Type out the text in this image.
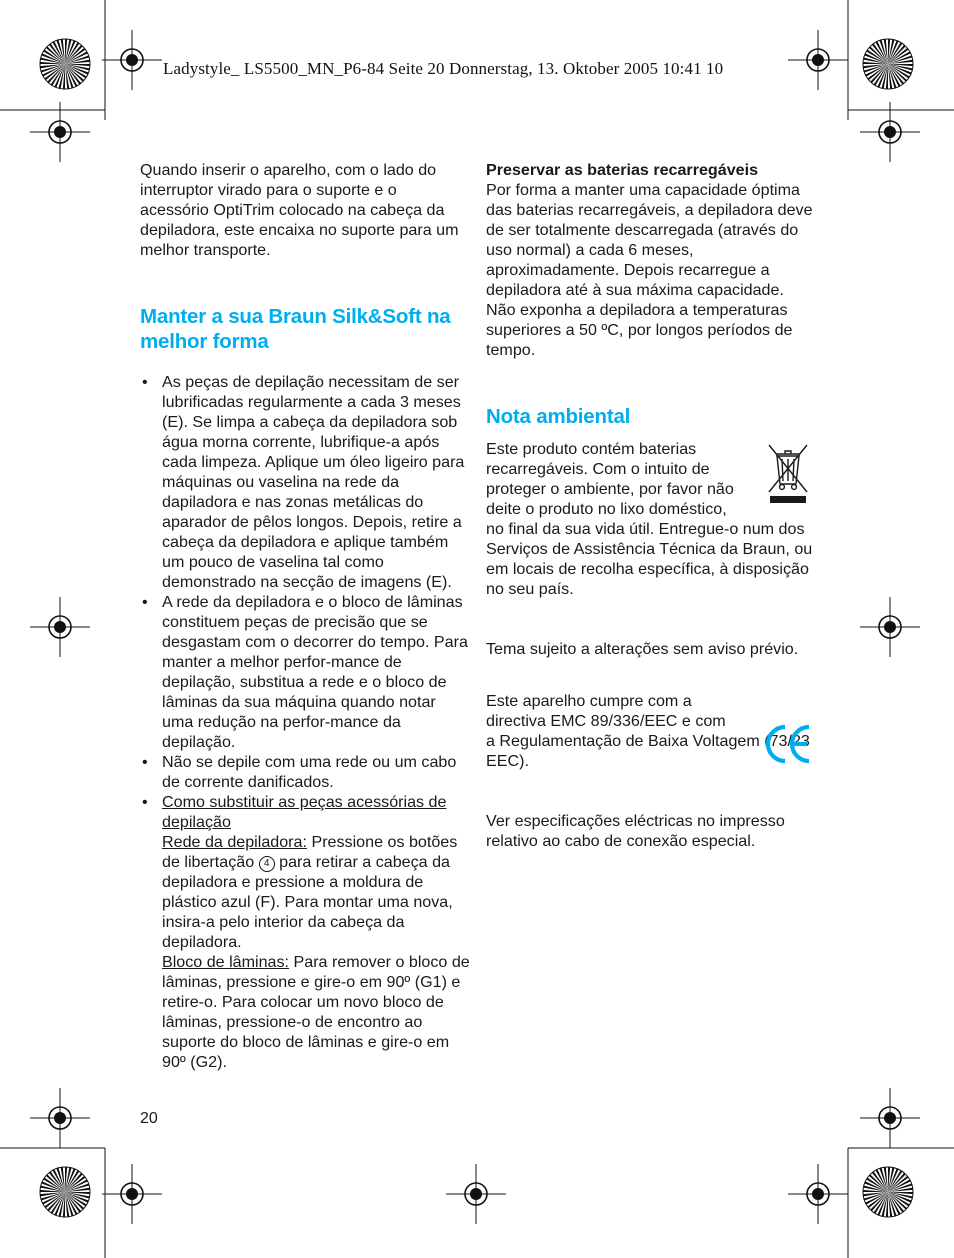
Ladystyle_ LS5500_MN_P6-84 Seite 20 Donnerstag, 13. Oktober 2005 10:41 10

Quando inserir o aparelho, com o lado do interruptor virado para o suporte e o acessório OptiTrim colocado na cabeça da depiladora, este encaixa no suporte para um melhor transporte.

Manter a sua Braun Silk&Soft na melhor forma
• As peças de depilação necessitam de ser lubrificadas regularmente a cada 3 meses (E). Se limpa a cabeça da depiladora sob água morna corrente, lubrifique-a após cada limpeza. Aplique um óleo ligeiro para máquinas ou vaselina na rede da dapiladora e nas zonas metálicas do aparador de pêlos longos. Depois, retire a cabeça da depiladora e aplique também um pouco de vaselina tal como demonstrado na secção de imagens (E).
• A rede da depiladora e o bloco de lâminas constituem peças de precisão que se desgastam com o decorrer do tempo. Para manter a melhor perfor-mance de depilação, substitua a rede e o bloco de lâminas da sua máquina quando notar uma redução na perfor-mance da depilação.
• Não se depile com uma rede ou um cabo de corrente danificados.
• Como substituir as peças acessórias de depilação
Rede da depiladora: Pressione os botões de libertação 4 para retirar a cabeça da depiladora e pressione a moldura de plástico azul (F). Para montar uma nova, insira-a pelo interior da cabeça da depiladora.
Bloco de lâminas: Para remover o bloco de lâminas, pressione e gire-o em 90º (G1) e retire-o. Para colocar um novo bloco de lâminas, pressione-o de encontro ao suporte do bloco de lâminas e gire-o em 90º (G2).

Preservar as baterias recarregáveis

Por forma a manter uma capacidade óptima das baterias recarregáveis, a depiladora deve de ser totalmente descarregada (através do uso normal) a cada 6 meses, aproximadamente. Depois recarregue a depiladora até à sua máxima capacidade. Não exponha a depiladora a temperaturas superiores a 50 ºC, por longos períodos de tempo.

Nota ambiental

Este produto contém baterias recarregáveis. Com o intuito de proteger o ambiente, por favor não deite o produto no lixo doméstico,

no final da sua vida útil. Entregue-o num dos Serviços de Assistência Técnica da Braun, ou em locais de recolha específica, à disposição no seu país.

Tema sujeito a alterações sem aviso prévio.

Este aparelho cumpre com a directiva EMC 89/336/EEC e com

a Regulamentação de Baixa Voltagem (73/23 EEC).

Ver especificações eléctricas no impresso relativo ao cabo de conexão especial.

20
